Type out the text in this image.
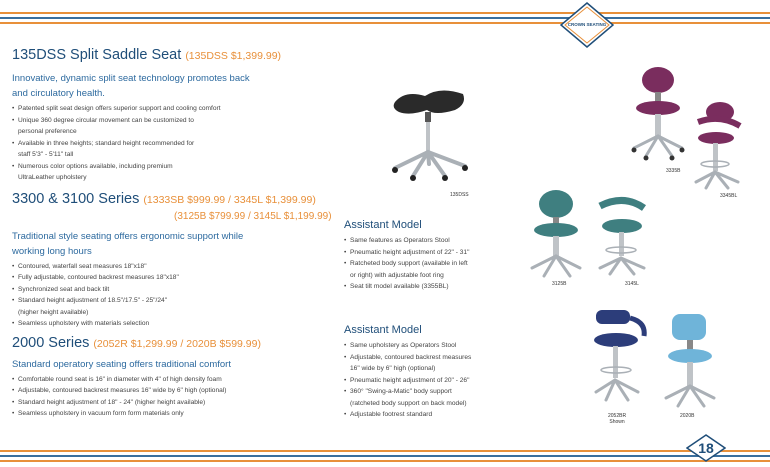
CROWN SEATING
18
135DSS Split Saddle Seat (135DSS $1,399.99)
Innovative, dynamic split seat technology promotes back
and circulatory health.
• Patented split seat design offers superior support and cooling comfort
• Unique 360 degree circular movement can be customized to
personal preference
• Available in three heights; standard height recommended for
staff 5'3" - 5'11" tall
• Numerous color options available, including premium
UltraLeather upholstery
3300 & 3100 Series (1333SB $999.99 / 3345L $1,399.99)
(3125B $799.99 / 3145L $1,199.99)
Traditional style seating offers ergonomic support while
working long hours
• Contoured, waterfall seat measures 18"x18"
• Fully adjustable, contoured backrest measures 18"x18"
• Synchronized seat and back tilt
• Standard height adjustment of 18.5"/17.5" - 25"/24"
(higher height available)
• Seamless upholstery with materials selection
2000 Series (2052R $1,299.99 / 2020B $599.99)
Standard operatory seating offers traditional comfort
• Comfortable round seat is 16" in diameter with 4" of high density foam
• Adjustable, contoured backrest measures 16" wide by 6" high (optional)
• Standard height adjustment of 18" - 24" (higher height available)
• Seamless upholstery in vacuum form form materials only
Assistant Model
• Same features as Operators Stool
• Pneumatic height adjustment of 22" - 31"
• Ratcheted body support (available in left
or right) with adjustable foot ring
• Seat tilt model available (3355BL)
Assistant Model
• Same upholstery as Operators Stool
• Adjustable, contoured backrest measures
16" wide by 6" high (optional)
• Pneumatic height adjustment of 20" - 26"
• 360° "Swing-a-Matic" body support
(ratcheted body support on back model)
• Adjustable footrest standard
135DSS
3335B
3345BL
3125B	3145L
2052BR
Shown
2020B
